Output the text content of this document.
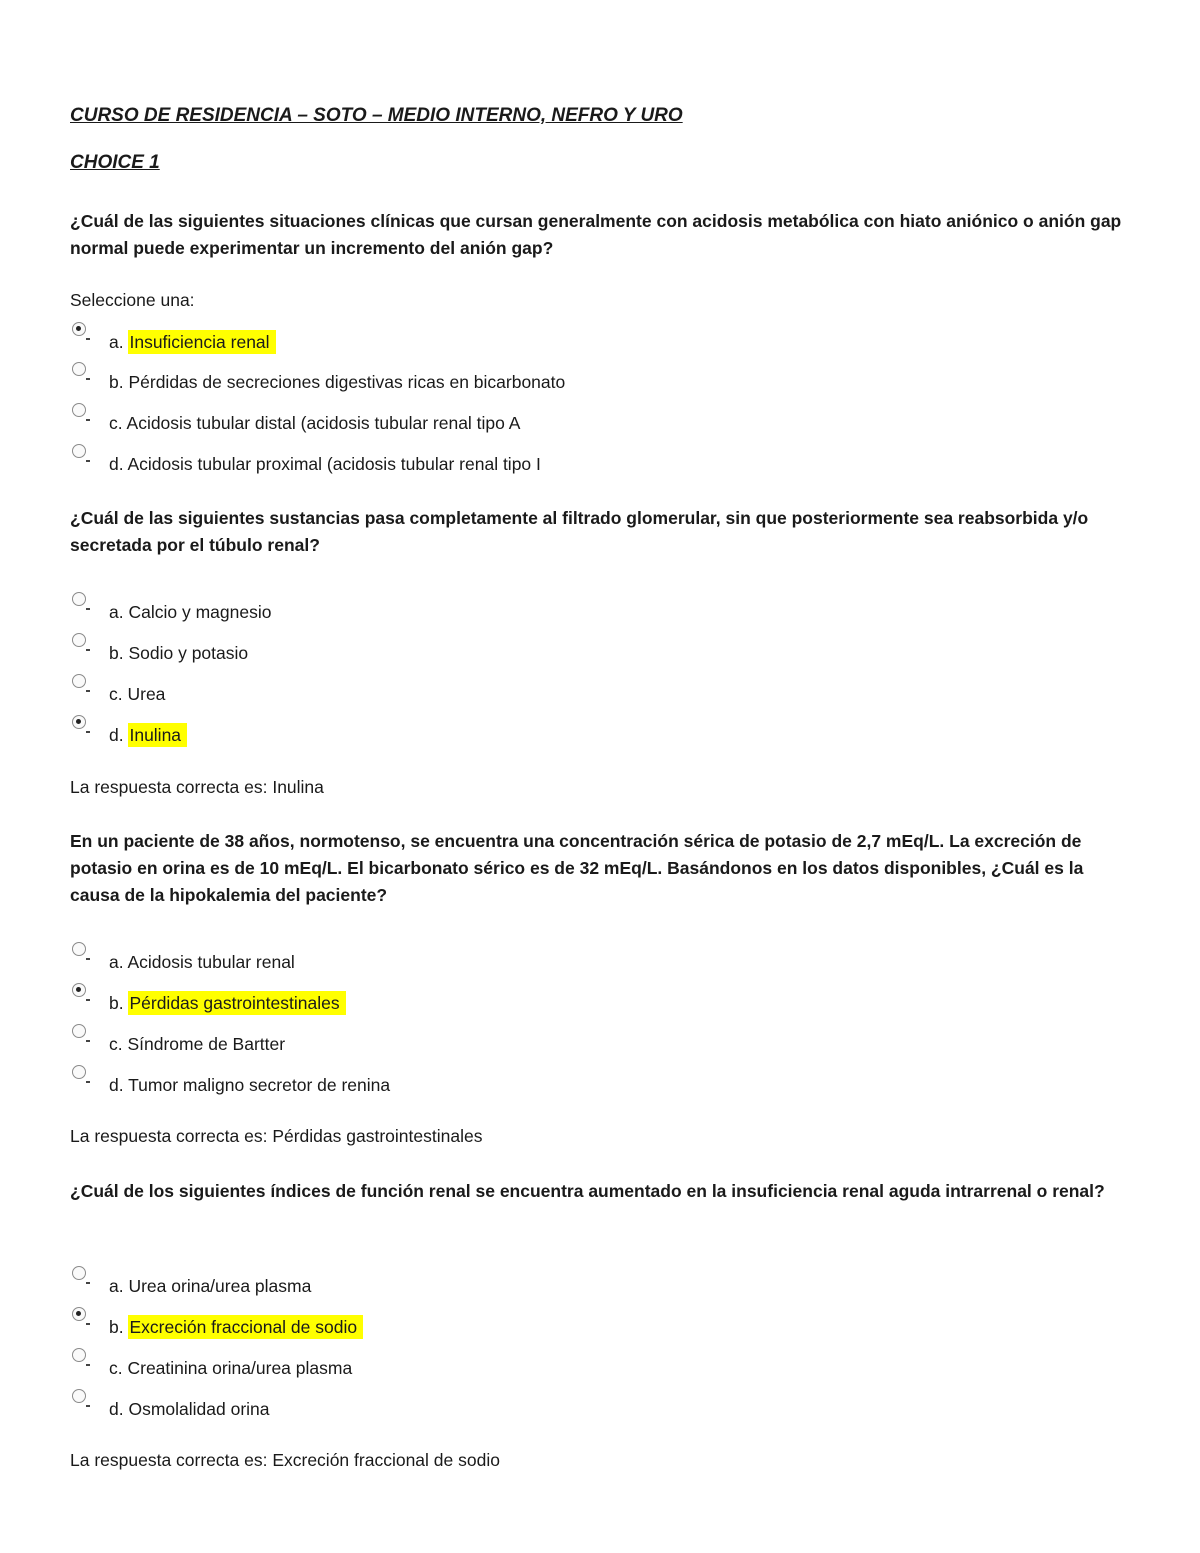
CURSO DE RESIDENCIA – SOTO – MEDIO INTERNO, NEFRO Y URO

CHOICE 1

¿Cuál de las siguientes situaciones clínicas que cursan generalmente con acidosis metabólica con hiato aniónico o anión gap normal puede experimentar un incremento del anión gap?

Seleccione una:

a. Insuficiencia renal
b. Pérdidas de secreciones digestivas ricas en bicarbonato
c. Acidosis tubular distal (acidosis tubular renal tipo A
d. Acidosis tubular proximal (acidosis tubular renal tipo I

¿Cuál de las siguientes sustancias pasa completamente al filtrado glomerular, sin que posteriormente sea reabsorbida y/o secretada por el túbulo renal?

a. Calcio y magnesio
b. Sodio y potasio
c. Urea
d. Inulina

La respuesta correcta es: Inulina

En un paciente de 38 años, normotenso, se encuentra una concentración sérica de potasio de 2,7 mEq/L. La excreción de potasio en orina es de 10 mEq/L. El bicarbonato sérico es de 32 mEq/L. Basándonos en los datos disponibles, ¿Cuál es la causa de la hipokalemia del paciente?

a. Acidosis tubular renal
b. Pérdidas gastrointestinales
c. Síndrome de Bartter
d. Tumor maligno secretor de renina

La respuesta correcta es: Pérdidas gastrointestinales

¿Cuál de los siguientes índices de función renal se encuentra aumentado en la insuficiencia renal aguda intrarrenal o renal?

a. Urea orina/urea plasma
b. Excreción fraccional de sodio
c. Creatinina orina/urea plasma
d. Osmolalidad orina

La respuesta correcta es: Excreción fraccional de sodio
